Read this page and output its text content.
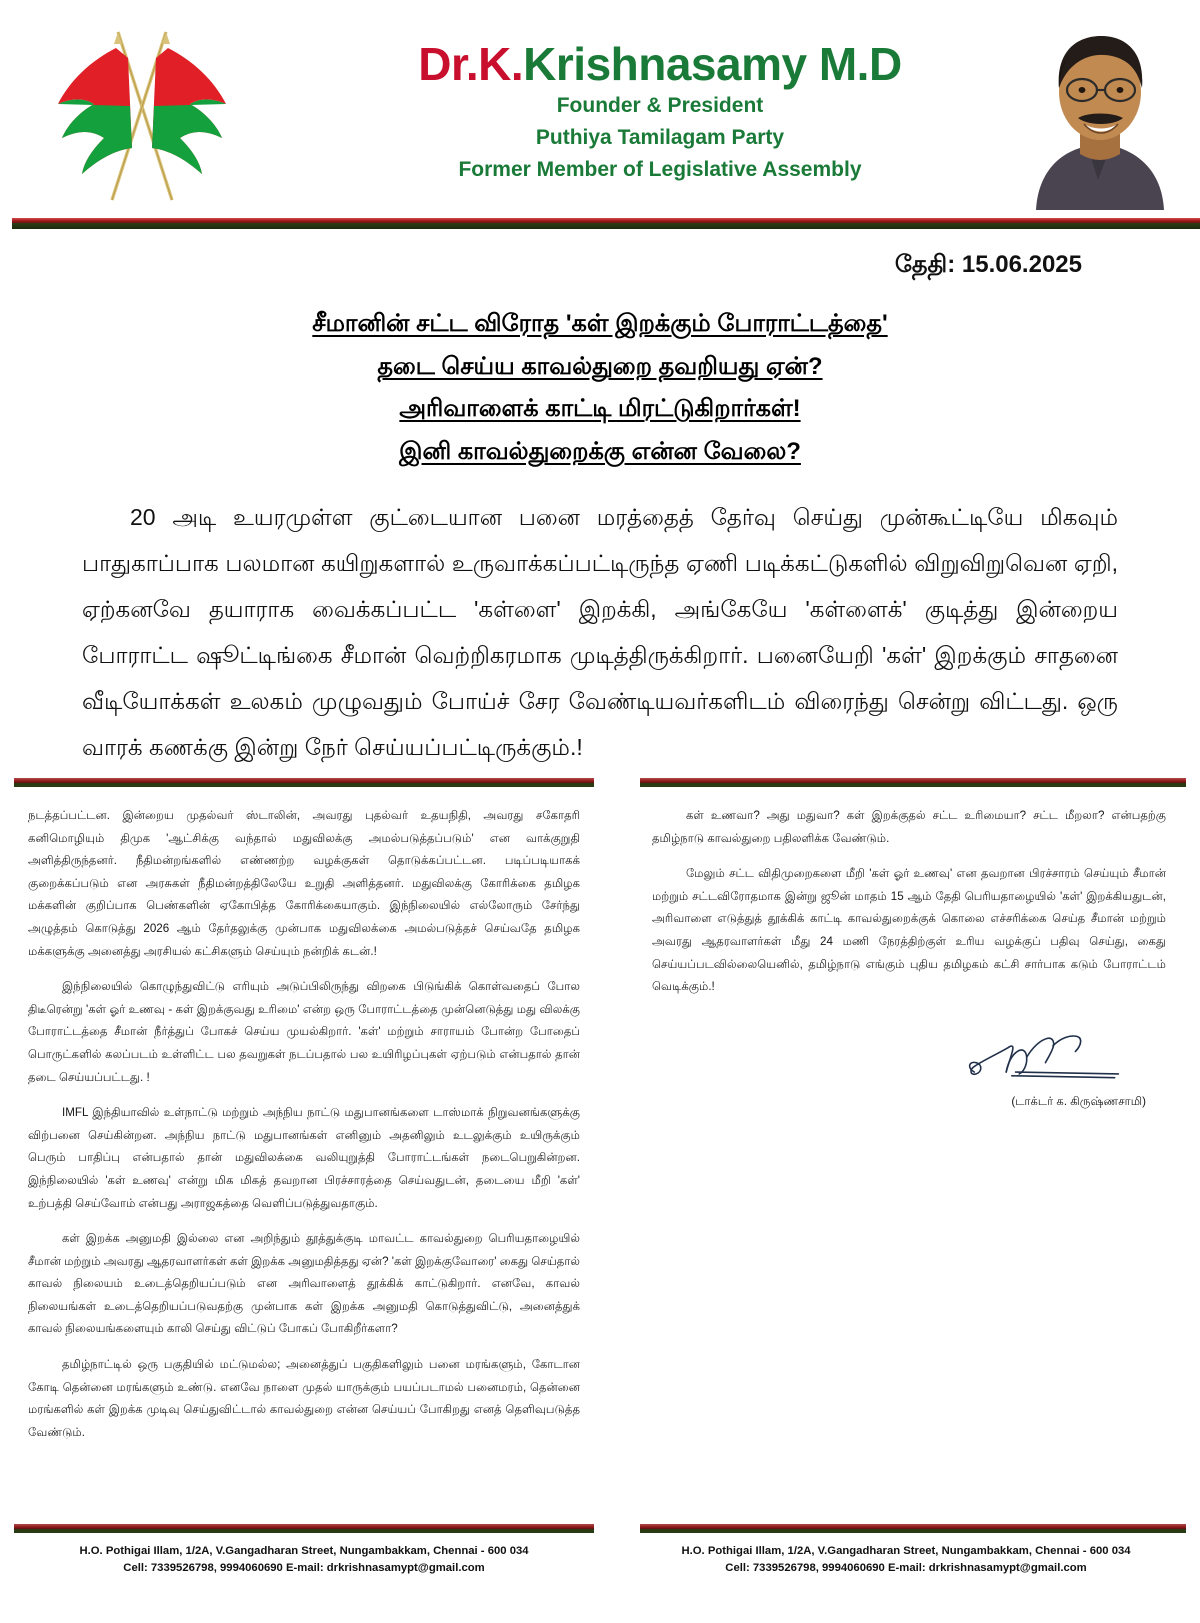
Dr.K.Krishnasamy M.D
Founder & President
Puthiya Tamilagam Party
Former Member of Legislative Assembly
தேதி: 15.06.2025
சீமானின் சட்ட விரோத 'கள் இறக்கும் போராட்டத்தை'
தடை செய்ய காவல்துறை தவறியது ஏன்?
அரிவாளைக் காட்டி மிரட்டுகிறார்கள்!
இனி காவல்துறைக்கு என்ன வேலை?
20 அடி உயரமுள்ள குட்டையான பனை மரத்தைத் தேர்வு செய்து முன்கூட்டியே மிகவும் பாதுகாப்பாக பலமான கயிறுகளால் உருவாக்கப்பட்டிருந்த ஏணி படிக்கட்டுகளில் விறுவிறுவென ஏறி, ஏற்கனவே தயாராக வைக்கப்பட்ட 'கள்ளை' இறக்கி, அங்கேயே 'கள்ளைக்' குடித்து இன்றைய போராட்ட ஷூட்டிங்கை சீமான் வெற்றிகரமாக முடித்திருக்கிறார். பனையேறி 'கள்' இறக்கும் சாதனை வீடியோக்கள் உலகம் முழுவதும் போய்ச் சேர வேண்டியவர்களிடம் விரைந்து சென்று விட்டது. ஒரு வாரக் கணக்கு இன்று நேர் செய்யப்பட்டிருக்கும்.!

நடத்தப்பட்டன. இன்றைய முதல்வர் ஸ்டாலின், அவரது புதல்வர் உதயநிதி, அவரது சகோதரி கனிமொழியும் திமுக 'ஆட்சிக்கு வந்தால் மதுவிலக்கு அமல்படுத்தப்படும்' என வாக்குறுதி அளித்திருந்தனர். நீதிமன்றங்களில் எண்ணற்ற வழக்குகள் தொடுக்கப்பட்டன. படிப்படியாகக் குறைக்கப்படும் என அரசுகள் நீதிமன்றத்திலேயே உறுதி அளித்தனர். மதுவிலக்கு கோரிக்கை தமிழக மக்களின் குறிப்பாக பெண்களின் ஏகோபித்த கோரிக்கையாகும். இந்நிலையில் எல்லோரும் சேர்ந்து அழுத்தம் கொடுத்து 2026 ஆம் தேர்தலுக்கு முன்பாக மதுவிலக்கை அமல்படுத்தச் செய்வதே தமிழக மக்களுக்கு அனைத்து அரசியல் கட்சிகளும் செய்யும் நன்றிக் கடன்.!

இந்நிலையில் கொழுந்துவிட்டு எரியும் அடுப்பிலிருந்து விறகை பிடுங்கிக் கொள்வதைப் போல திடீரென்று 'கள் ஓர் உணவு - கள் இறக்குவது உரிமை' என்ற ஒரு போராட்டத்தை முன்னெடுத்து மது விலக்கு போராட்டத்தை சீமான் நீர்த்துப் போகச் செய்ய முயல்கிறார். 'கள்' மற்றும் சாராயம் போன்ற போதைப் பொருட்களில் கலப்படம் உள்ளிட்ட பல தவறுகள் நடப்பதால் பல உயிரிழப்புகள் ஏற்படும் என்பதால் தான் தடை செய்யப்பட்டது. !

IMFL இந்தியாவில் உள்நாட்டு மற்றும் அந்நிய நாட்டு மதுபானங்களை டாஸ்மாக் நிறுவனங்களுக்கு விற்பனை செய்கின்றன. அந்நிய நாட்டு மதுபானங்கள் எனினும் அதனிலும் உடலுக்கும் உயிருக்கும் பெரும் பாதிப்பு என்பதால் தான் மதுவிலக்கை வலியுறுத்தி போராட்டங்கள் நடைபெறுகின்றன. இந்நிலையில் 'கள் உணவு' என்று மிக மிகத் தவறான பிரச்சாரத்தை செய்வதுடன், தடையை மீறி 'கள்' உற்பத்தி செய்வோம் என்பது அராஜகத்தை வெளிப்படுத்துவதாகும்.

கள் இறக்க அனுமதி இல்லை என அறிந்தும் தூத்துக்குடி மாவட்ட காவல்துறை பெரியதாழையில் சீமான் மற்றும் அவரது ஆதரவாளர்கள் கள் இறக்க அனுமதித்தது ஏன்? 'கள் இறக்குவோரை' கைது செய்தால் காவல் நிலையம் உடைத்தெறியப்படும் என அரிவாளைத் தூக்கிக் காட்டுகிறார். எனவே, காவல் நிலையங்கள் உடைத்தெறியப்படுவதற்கு முன்பாக கள் இறக்க அனுமதி கொடுத்துவிட்டு, அனைத்துக் காவல் நிலையங்களையும் காலி செய்து விட்டுப் போகப் போகிறீர்களா?

தமிழ்நாட்டில் ஒரு பகுதியில் மட்டுமல்ல; அனைத்துப் பகுதிகளிலும் பனை மரங்களும், கோடான கோடி தென்னை மரங்களும் உண்டு. எனவே நாளை முதல் யாருக்கும் பயப்படாமல் பனைமரம், தென்னை மரங்களில் கள் இறக்க முடிவு செய்துவிட்டால் காவல்துறை என்ன செய்யப் போகிறது எனத் தெளிவுபடுத்த வேண்டும்.

H.O. Pothigai Illam, 1/2A, V.Gangadharan Street, Nungambakkam, Chennai - 600 034
Cell: 7339526798, 9994060690 E-mail: drkrishnasamypt@gmail.com

கள் உணவா? அது மதுவா? கள் இறக்குதல் சட்ட உரிமையா? சட்ட மீறலா? என்பதற்கு தமிழ்நாடு காவல்துறை பதிலளிக்க வேண்டும்.

மேலும் சட்ட விதிமுறைகளை மீறி 'கள் ஓர் உணவு' என தவறான பிரச்சாரம் செய்யும் சீமான் மற்றும் சட்டவிரோதமாக இன்று ஜூன் மாதம் 15 ஆம் தேதி பெரியதாழையில் 'கள்' இறக்கியதுடன், அரிவாளை எடுத்துத் தூக்கிக் காட்டி காவல்துறைக்குக் கொலை எச்சரிக்கை செய்த சீமான் மற்றும் அவரது ஆதரவாளர்கள் மீது 24 மணி நேரத்திற்குள் உரிய வழக்குப் பதிவு செய்து, கைது செய்யப்படவில்லையெனில், தமிழ்நாடு எங்கும் புதிய தமிழகம் கட்சி சார்பாக கடும் போராட்டம் வெடிக்கும்.!

(டாக்டர் க. கிருஷ்ணசாமி)
H.O. Pothigai Illam, 1/2A, V.Gangadharan Street, Nungambakkam, Chennai - 600 034
Cell: 7339526798, 9994060690 E-mail: drkrishnasamypt@gmail.com
